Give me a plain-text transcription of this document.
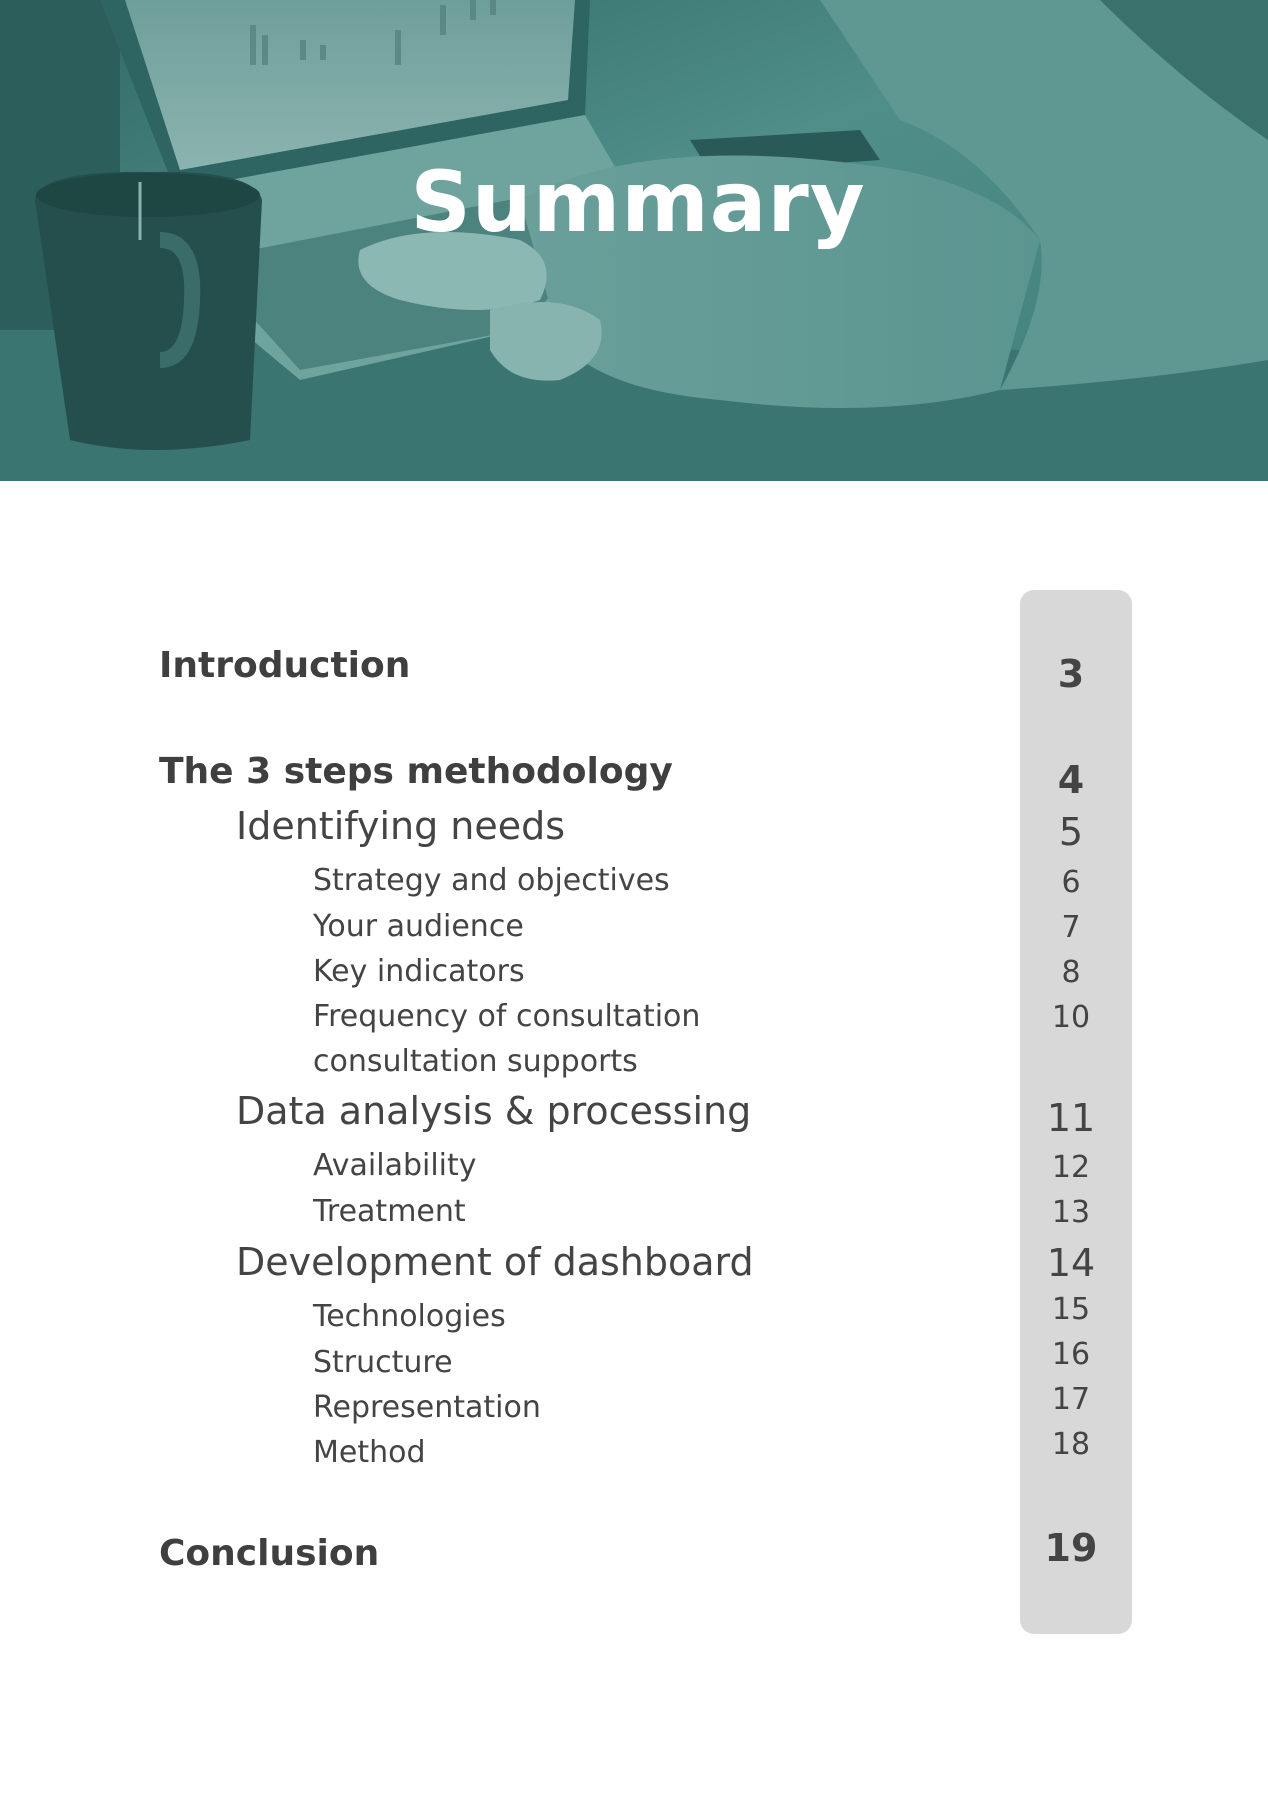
Summary

Introduction	3

The 3 steps methodology	4

Identifying needs	5

Strategy and objectives	6

Your audience	7

Key indicators	8

Frequency of consultation	10

consultation supports

Data analysis & processing	11

Availability	12

Treatment	13

Development of dashboard	14

Technologies	15

Structure	16

Representation	17

Method	18

Conclusion	19
